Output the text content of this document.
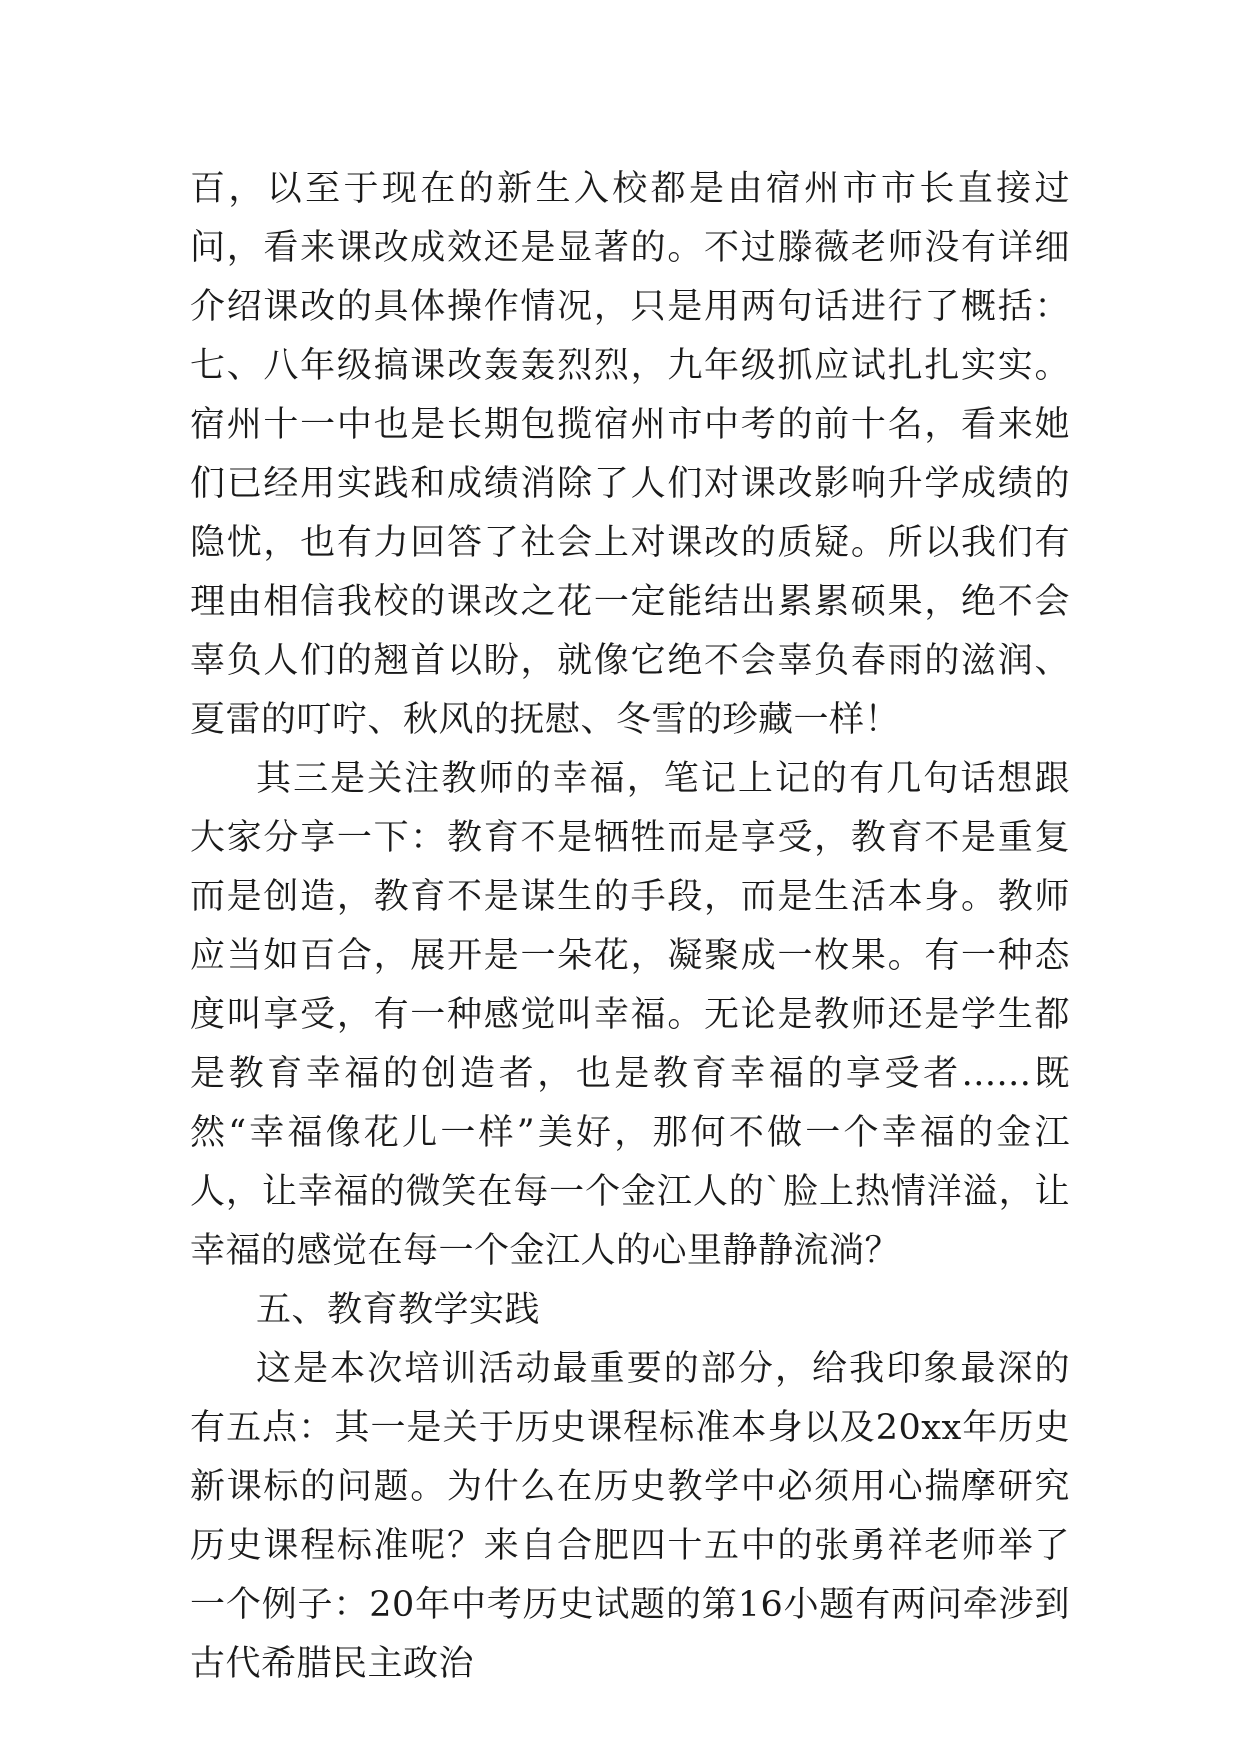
百，以至于现在的新生入校都是由宿州市市长直接过问，看来课改成效还是显著的。不过滕薇老师没有详细介绍课改的具体操作情况，只是用两句话进行了概括：七、八年级搞课改轰轰烈烈，九年级抓应试扎扎实实。宿州十一中也是长期包揽宿州市中考的前十名，看来她们已经用实践和成绩消除了人们对课改影响升学成绩的隐忧，也有力回答了社会上对课改的质疑。所以我们有理由相信我校的课改之花一定能结出累累硕果，绝不会辜负人们的翘首以盼，就像它绝不会辜负春雨的滋润、夏雷的叮咛、秋风的抚慰、冬雪的珍藏一样！

其三是关注教师的幸福，笔记上记的有几句话想跟大家分享一下：教育不是牺牲而是享受，教育不是重复而是创造，教育不是谋生的手段，而是生活本身。教师应当如百合，展开是一朵花，凝聚成一枚果。有一种态度叫享受，有一种感觉叫幸福。无论是教师还是学生都是教育幸福的创造者，也是教育幸福的享受者......既然“幸福像花儿一样”美好，那何不做一个幸福的金江人，让幸福的微笑在每一个金江人的`脸上热情洋溢，让幸福的感觉在每一个金江人的心里静静流淌？

五、教育教学实践

这是本次培训活动最重要的部分，给我印象最深的有五点：其一是关于历史课程标准本身以及20xx年历史新课标的问题。为什么在历史教学中必须用心揣摩研究历史课程标准呢？来自合肥四十五中的张勇祥老师举了一个例子：20年中考历史试题的第16小题有两问牵涉到古代希腊民主政治
